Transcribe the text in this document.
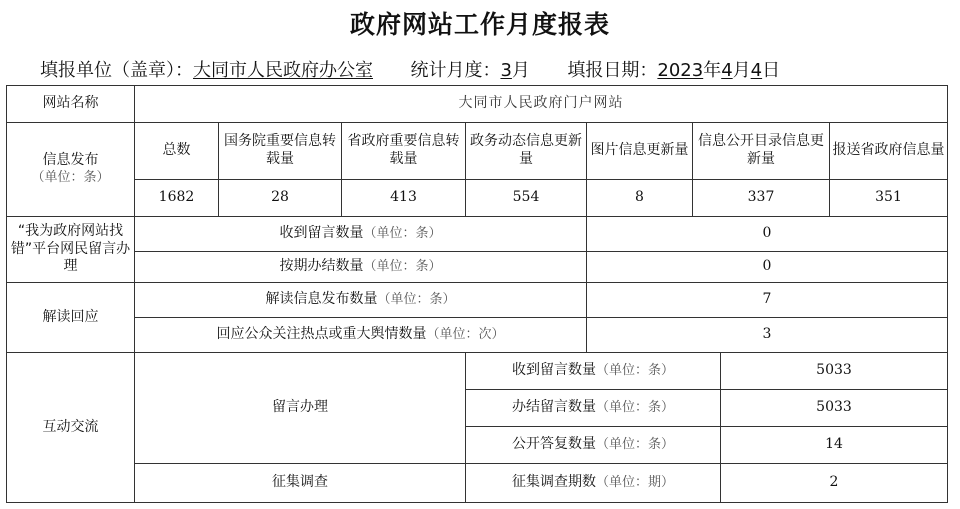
政府网站工作月度报表
填报单位（盖章）：大同市人民政府办公室 统计月度：3月 填报日期：2023年4月4日
网站名称	大同市人民政府门户网站							

信息发布
（单位：条）	总数	国务院重要信息转载量	省政府重要信息转载量	政务动态信息更新量	图片信息更新量	信息公开目录信息更新量		报送省政府信息量
	1682	28	413	554	8	337		351
“我为政府网站找错”平台网民留言办理	收到留言数量（单位：条）				0			
	按期办结数量（单位：条）				0			
解读回应	解读信息发布数量（单位：条）				7			
	回应公众关注热点或重大舆情数量（单位：次）				3			
互动交流	留言办理			收到留言数量（单位：条）			5033	
				办结留言数量（单位：条）			5033	
				公开答复数量（单位：条）			14	
	征集调查			征集调查期数（单位：期）			2	
